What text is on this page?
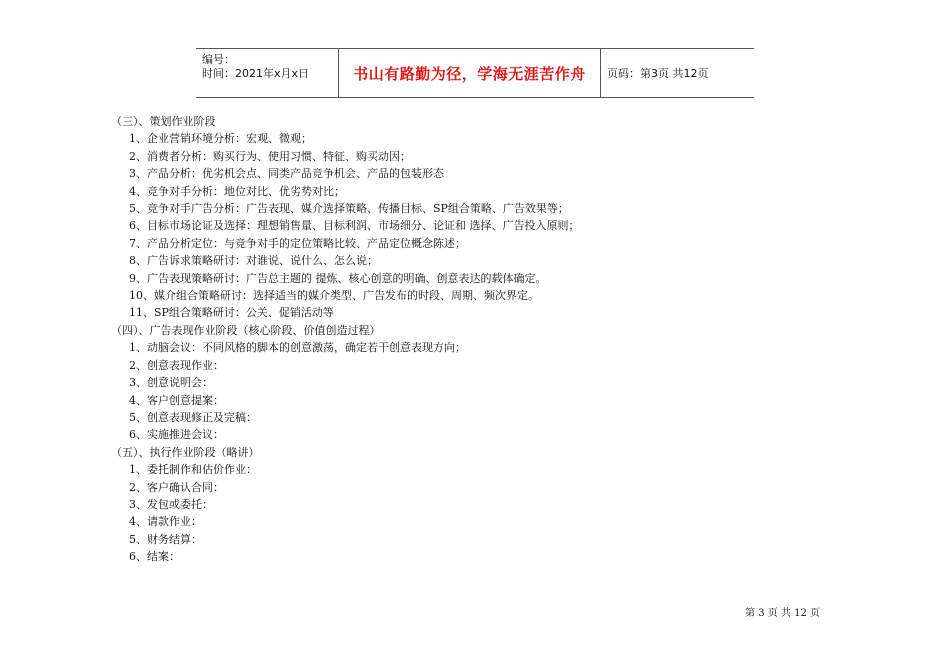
编号：
时间：2021年x月x日	书山有路勤为径，学海无涯苦作舟	页码：第3页 共12页
（三）、策划作业阶段
1、企业营销环境分析：宏观、微观；
2、消费者分析：购买行为、使用习惯、特征、购买动因；
3、产品分析：优劣机会点、同类产品竞争机会、产品的包装形态
4、竞争对手分析：地位对比、优劣势对比；
5、竞争对手广告分析：广告表现、媒介选择策略、传播目标、SP组合策略、广告效果等；
6、目标市场论证及选择：理想销售量、目标利润、市场细分、论证和 选择、广告投入原则；
7、产品分析定位：与竞争对手的定位策略比较、产品定位概念陈述；
8、广告诉求策略研讨：对谁说、说什么、怎么说；
9、广告表现策略研讨：广告总主题的 提炼、核心创意的明确、创意表达的载体确定。
10、媒介组合策略研讨：选择适当的媒介类型、广告发布的时段、周期、频次界定。
11、SP组合策略研讨：公关、促销活动等
（四）、广告表现作业阶段（核心阶段、价值创造过程）
1、动脑会议：不同风格的脚本的创意激荡，确定若干创意表现方向；
2、创意表现作业：
3、创意说明会：
4、客户创意提案：
5、创意表现修正及完稿：
6、实施推进会议：
（五）、执行作业阶段（略讲）
1、委托制作和估价作业：
2、客户确认合同：
3、发包或委托：
4、请款作业：
5、财务结算：
6、结案：
第 3 页 共 12 页
